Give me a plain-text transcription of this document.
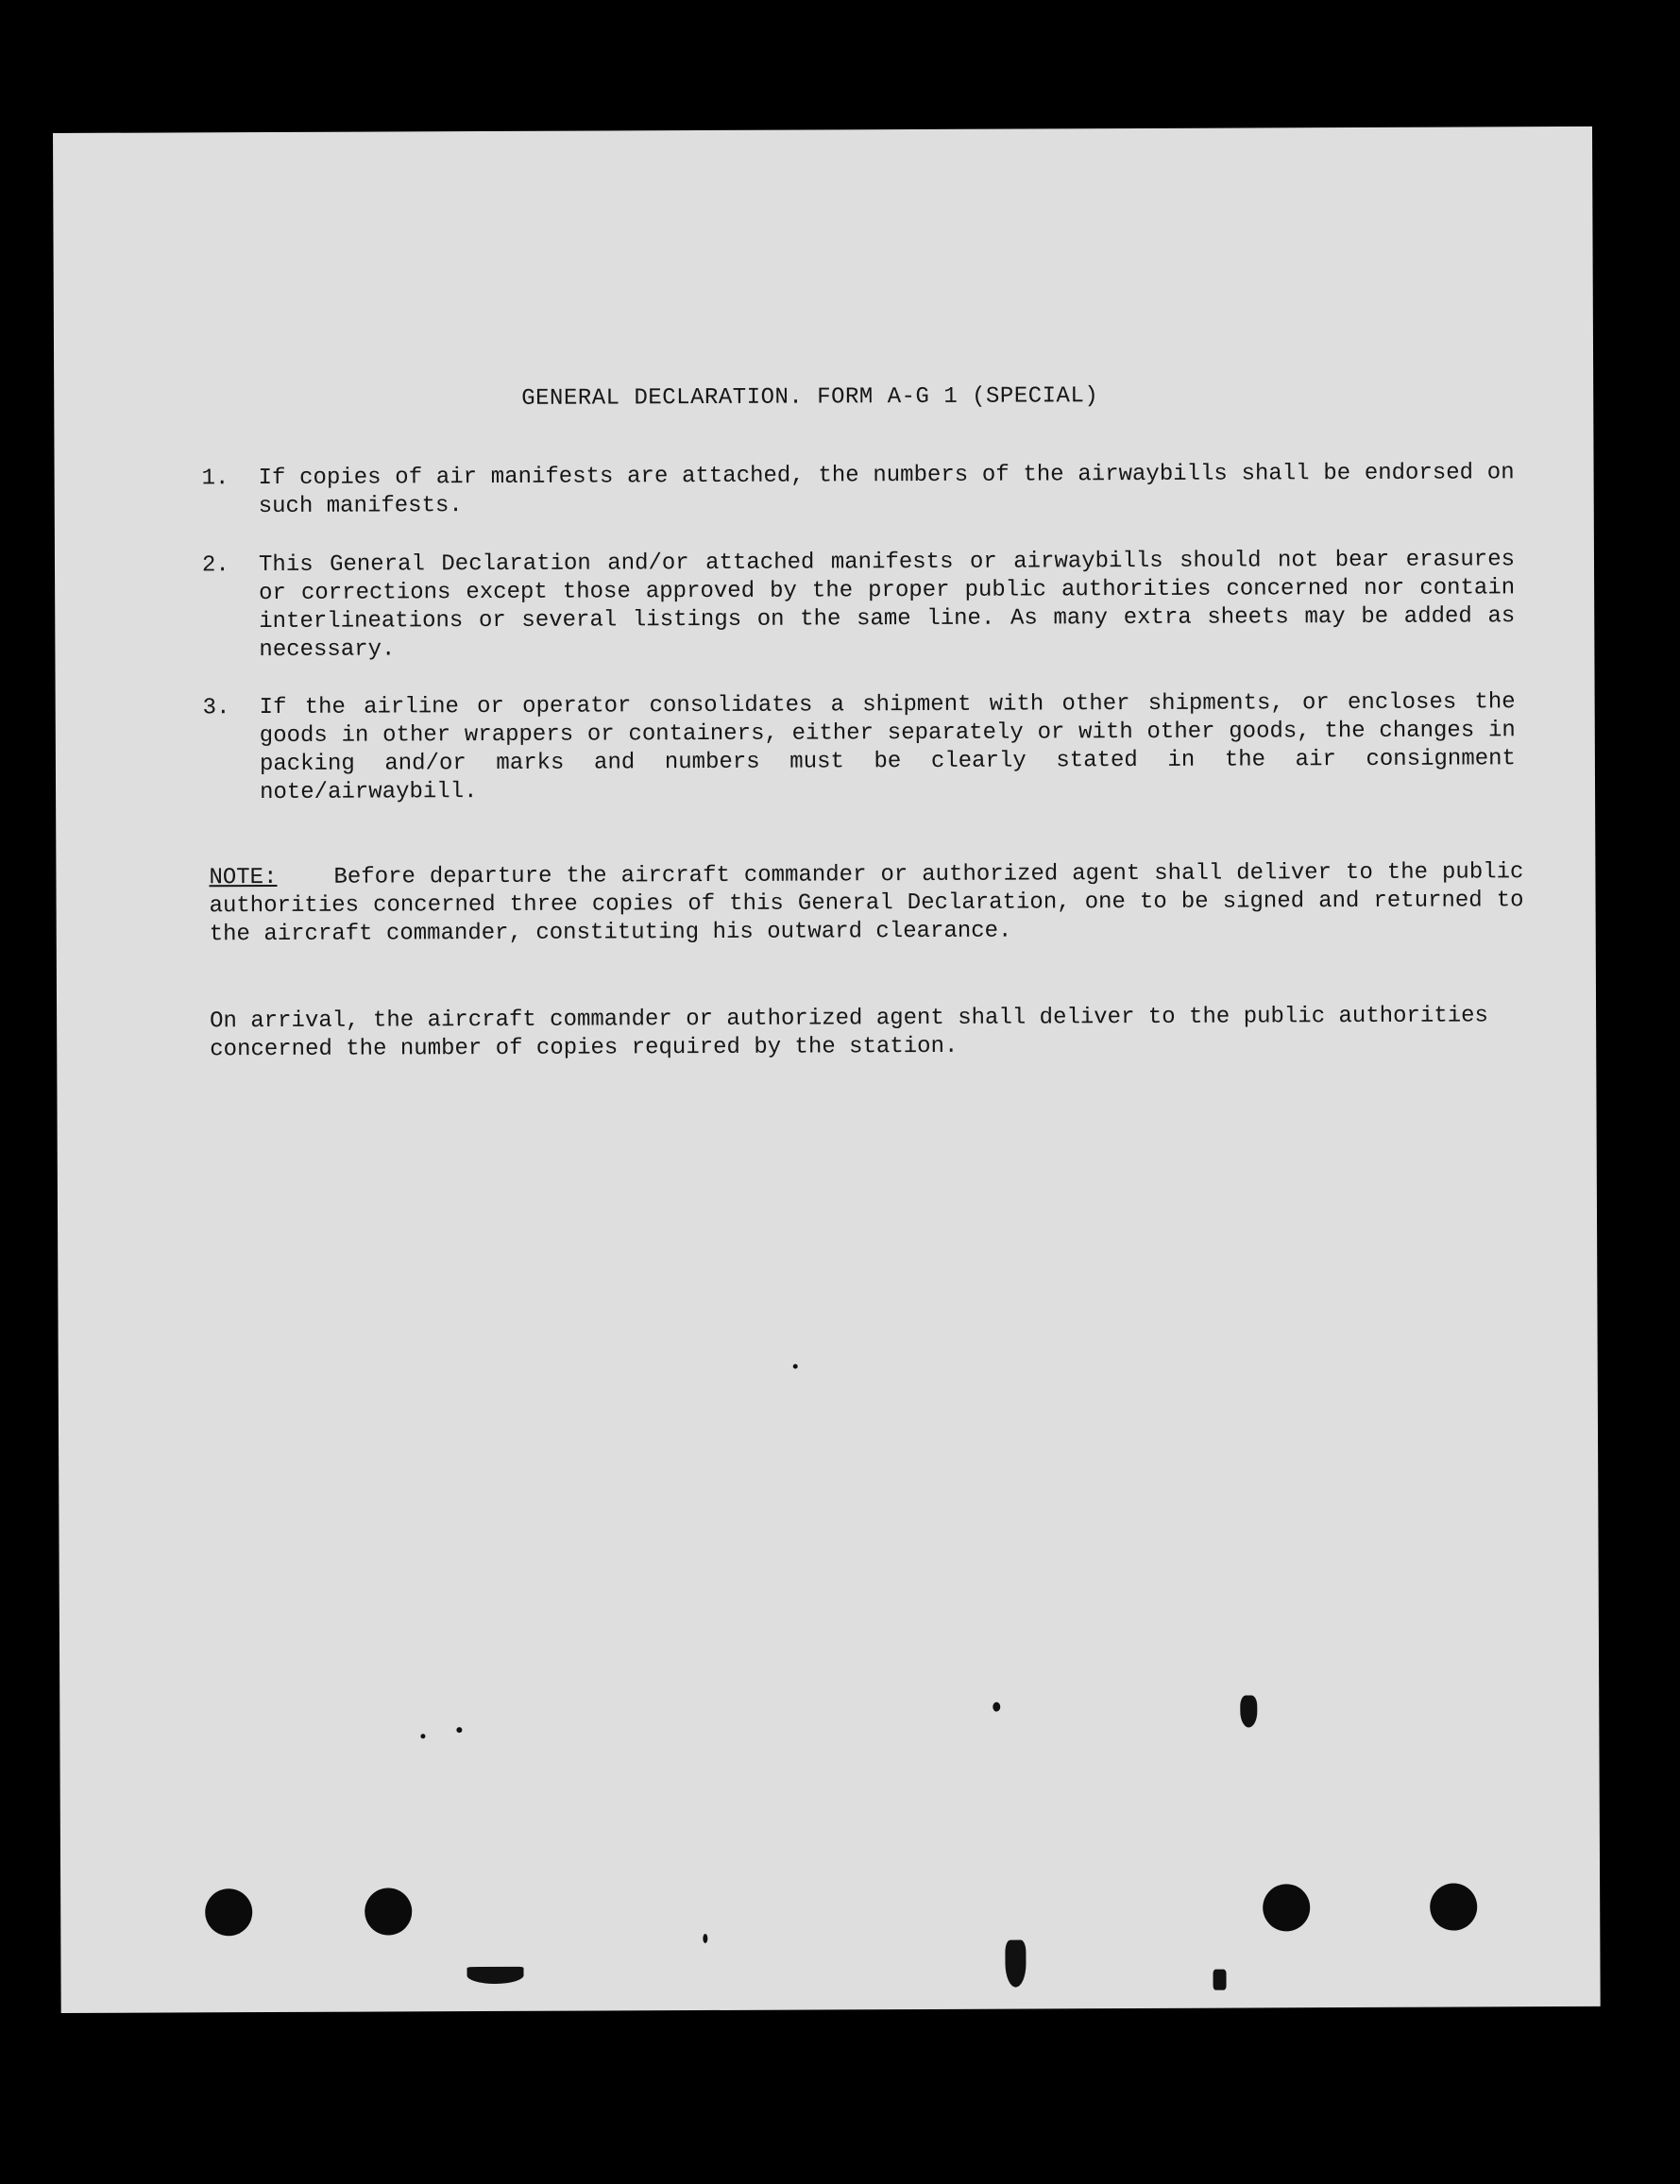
GENERAL DECLARATION. FORM A-G 1 (SPECIAL)
1. If copies of air manifests are attached, the numbers of the airwaybills shall be endorsed on such manifests.
2. This General Declaration and/or attached manifests or airwaybills should not bear erasures or corrections except those approved by the proper public authorities concerned nor contain interlineations or several listings on the same line. As many extra sheets may be added as necessary.
3. If the airline or operator consolidates a shipment with other shipments, or encloses the goods in other wrappers or containers, either separately or with other goods, the changes in packing and/or marks and numbers must be clearly stated in the air consignment note/airwaybill.
NOTE: Before departure the aircraft commander or authorized agent shall deliver to the public authorities concerned three copies of this General Declaration, one to be signed and returned to the aircraft commander, constituting his outward clearance.
On arrival, the aircraft commander or authorized agent shall deliver to the public authorities concerned the number of copies required by the station.
